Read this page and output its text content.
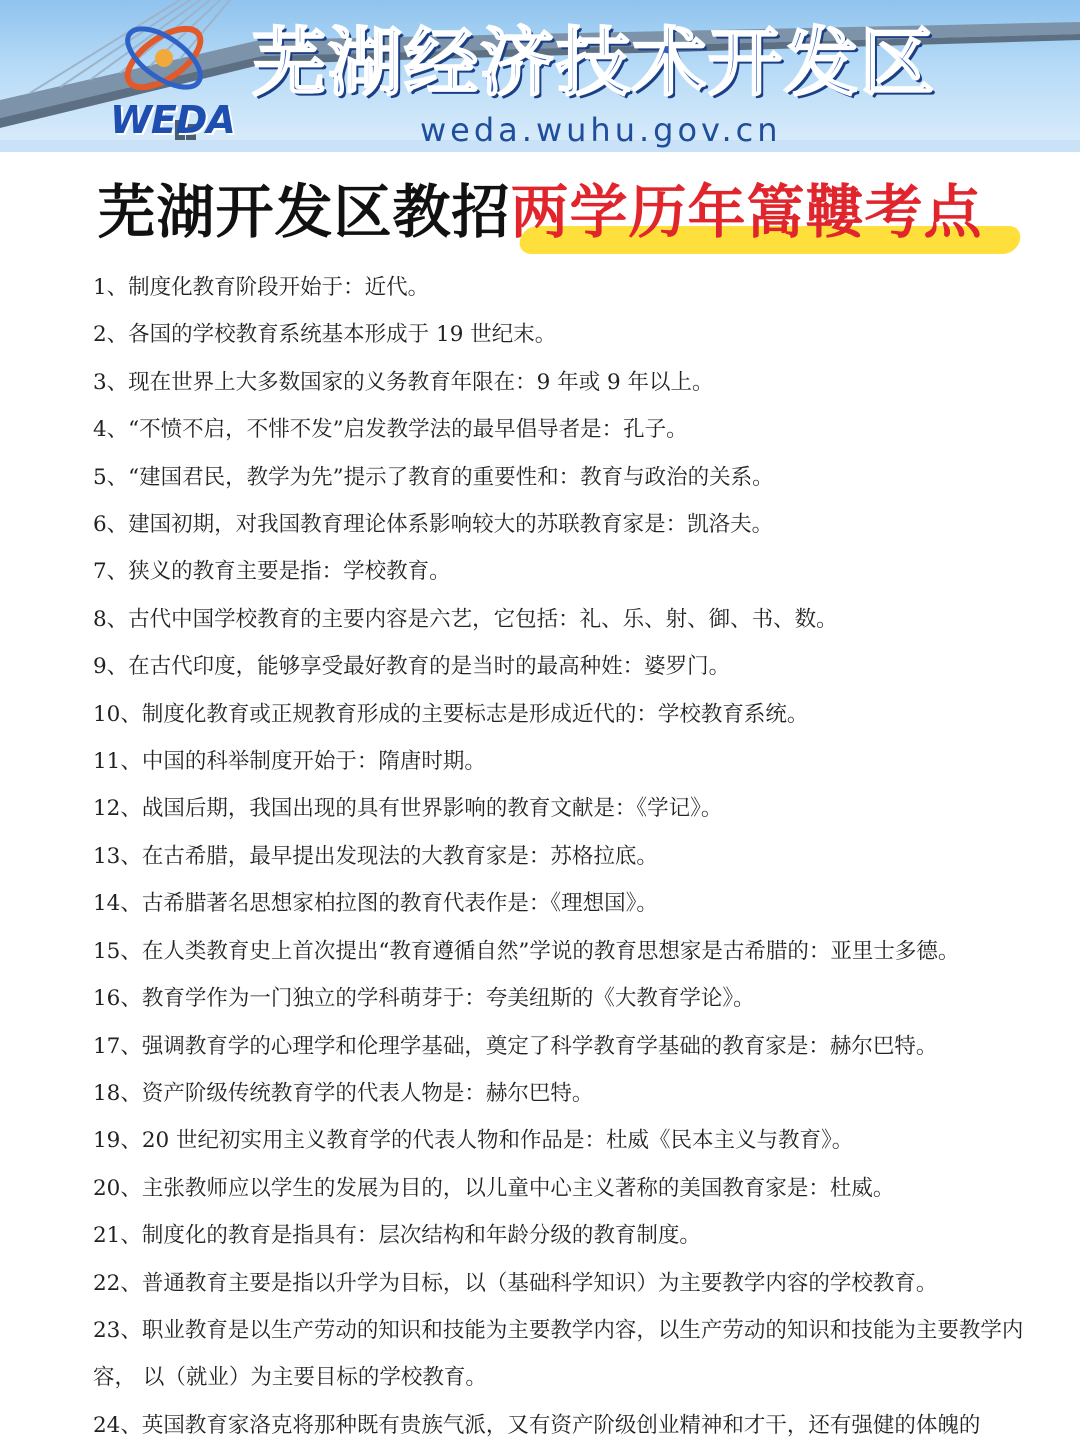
WEDA
芜湖经济技术开发区
weda.wuhu.gov.cn
芜湖开发区教招两学历年篙鞻考点
1、制度化教育阶段开始于：近代。
2、各国的学校教育系统基本形成于 19 世纪末。
3、现在世界上大多数国家的义务教育年限在：9 年或 9 年以上。
4、“不愤不启，不悱不发”启发教学法的最早倡导者是：孔子。
5、“建国君民，教学为先”提示了教育的重要性和：教育与政治的关系。
6、建国初期，对我国教育理论体系影响较大的苏联教育家是：凯洛夫。
7、狭义的教育主要是指：学校教育。
8、古代中国学校教育的主要内容是六艺，它包括：礼、乐、射、御、书、数。
9、在古代印度，能够享受最好教育的是当时的最高种姓：婆罗门。
10、制度化教育或正规教育形成的主要标志是形成近代的：学校教育系统。
11、中国的科举制度开始于：隋唐时期。
12、战国后期，我国出现的具有世界影响的教育文献是：《学记》。
13、在古希腊，最早提出发现法的大教育家是：苏格拉底。
14、古希腊著名思想家柏拉图的教育代表作是：《理想国》。
15、在人类教育史上首次提出“教育遵循自然”学说的教育思想家是古希腊的：亚里士多德。
16、教育学作为一门独立的学科萌芽于：夸美纽斯的《大教育学论》。
17、强调教育学的心理学和伦理学基础，奠定了科学教育学基础的教育家是：赫尔巴特。
18、资产阶级传统教育学的代表人物是：赫尔巴特。
19、20 世纪初实用主义教育学的代表人物和作品是：杜威《民本主义与教育》。
20、主张教师应以学生的发展为目的，以儿童中心主义著称的美国教育家是：杜威。
21、制度化的教育是指具有：层次结构和年龄分级的教育制度。
22、普通教育主要是指以升学为目标，以（基础科学知识）为主要教学内容的学校教育。
23、职业教育是以生产劳动的知识和技能为主要教学内容，以生产劳动的知识和技能为主要教学内容， 以（就业）为主要目标的学校教育。
24、英国教育家洛克将那种既有贵族气派，又有资产阶级创业精神和才干，还有强健的体魄的
